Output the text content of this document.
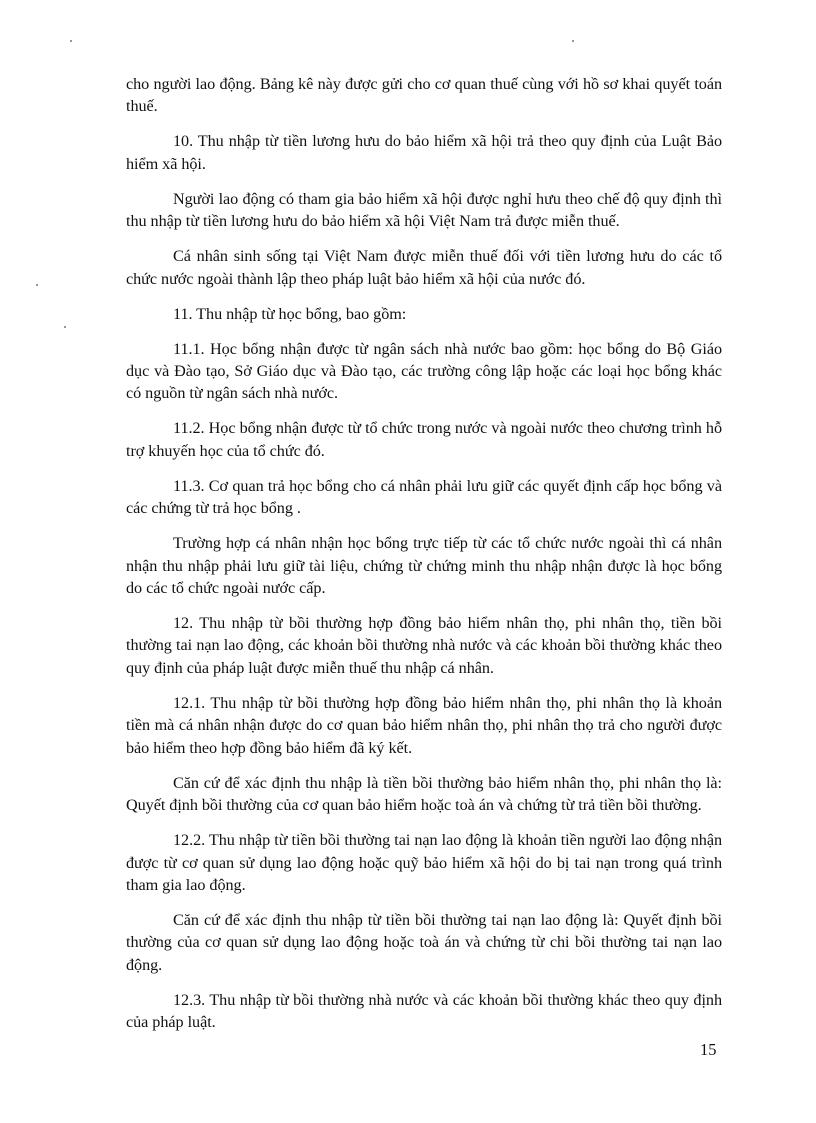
cho người lao động. Bảng kê này được gửi cho cơ quan thuế cùng với hồ sơ khai quyết toán thuế.

10. Thu nhập từ tiền lương hưu do bảo hiểm xã hội trả theo quy định của Luật Bảo hiểm xã hội.

Người lao động có tham gia bảo hiểm xã hội được nghỉ hưu theo chế độ quy định thì thu nhập từ tiền lương hưu do bảo hiểm xã hội Việt Nam trả được miễn thuế.

Cá nhân sinh sống tại Việt Nam được miễn thuế đối với tiền lương hưu do các tổ chức nước ngoài thành lập theo pháp luật bảo hiểm xã hội của nước đó.

11. Thu nhập từ học bổng, bao gồm:

11.1. Học bổng nhận được từ ngân sách nhà nước bao gồm: học bổng do Bộ Giáo dục và Đào tạo, Sở Giáo dục và Đào tạo, các trường công lập hoặc các loại học bổng khác có nguồn từ ngân sách nhà nước.

11.2. Học bổng nhận được từ tổ chức trong nước và ngoài nước theo chương trình hỗ trợ khuyến học của tổ chức đó.

11.3. Cơ quan trả học bổng cho cá nhân phải lưu giữ các quyết định cấp học bổng và các chứng từ trả học bổng .

Trường hợp cá nhân nhận học bổng trực tiếp từ các tổ chức nước ngoài thì cá nhân nhận thu nhập phải lưu giữ tài liệu, chứng từ chứng minh thu nhập nhận được là học bổng do các tổ chức ngoài nước cấp.

12. Thu nhập từ bồi thường hợp đồng bảo hiểm nhân thọ, phi nhân thọ, tiền bồi thường tai nạn lao động, các khoản bồi thường nhà nước và các khoản bồi thường khác theo quy định của pháp luật được miễn thuế thu nhập cá nhân.

12.1. Thu nhập từ bồi thường hợp đồng bảo hiểm nhân thọ, phi nhân thọ là khoản tiền mà cá nhân nhận được do cơ quan bảo hiểm nhân thọ, phi nhân thọ trả cho người được bảo hiểm theo hợp đồng bảo hiểm đã ký kết.

Căn cứ để xác định thu nhập là tiền bồi thường bảo hiểm nhân thọ, phi nhân thọ là: Quyết định bồi thường của cơ quan bảo hiểm hoặc toà án và chứng từ trả tiền bồi thường.

12.2. Thu nhập từ tiền bồi thường tai nạn lao động là khoản tiền người lao động nhận được từ cơ quan sử dụng lao động hoặc quỹ bảo hiểm xã hội do bị tai nạn trong quá trình tham gia lao động.

Căn cứ để xác định thu nhập từ tiền bồi thường tai nạn lao động là: Quyết định bồi thường của cơ quan sử dụng lao động hoặc toà án và chứng từ chi bồi thường tai nạn lao động.

12.3. Thu nhập từ bồi thường nhà nước và các khoản bồi thường khác theo quy định của pháp luật.

15
